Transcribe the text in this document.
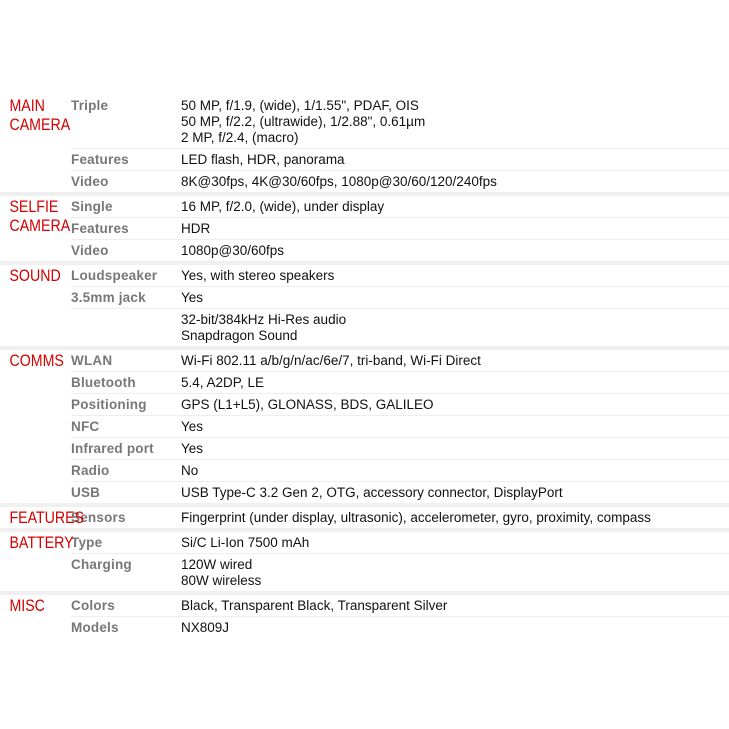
MAIN
CAMERA	Triple	50 MP, f/1.9, (wide), 1/1.55", PDAF, OIS
50 MP, f/2.2, (ultrawide), 1/2.88", 0.61µm
2 MP, f/2.4, (macro)

	Features	LED flash, HDR, panorama

	Video	8K@30fps, 4K@30/60fps, 1080p@30/60/120/240fps

SELFIE
CAMERA	Single	16 MP, f/2.0, (wide), under display

	Features	HDR

	Video	1080p@30/60fps

SOUND	Loudspeaker	Yes, with stereo speakers

	3.5mm jack	Yes

		32-bit/384kHz Hi-Res audio
Snapdragon Sound

COMMS	WLAN	Wi-Fi 802.11 a/b/g/n/ac/6e/7, tri-band, Wi-Fi Direct

	Bluetooth	5.4, A2DP, LE

	Positioning	GPS (L1+L5), GLONASS, BDS, GALILEO

	NFC	Yes

	Infrared port	Yes

	Radio	No

	USB	USB Type-C 3.2 Gen 2, OTG, accessory connector, DisplayPort

FEATURES	Sensors	Fingerprint (under display, ultrasonic), accelerometer, gyro, proximity, compass

BATTERY	Type	Si/C Li-Ion 7500 mAh

	Charging	120W wired
80W wireless

MISC	Colors	Black, Transparent Black, Transparent Silver

	Models	NX809J
